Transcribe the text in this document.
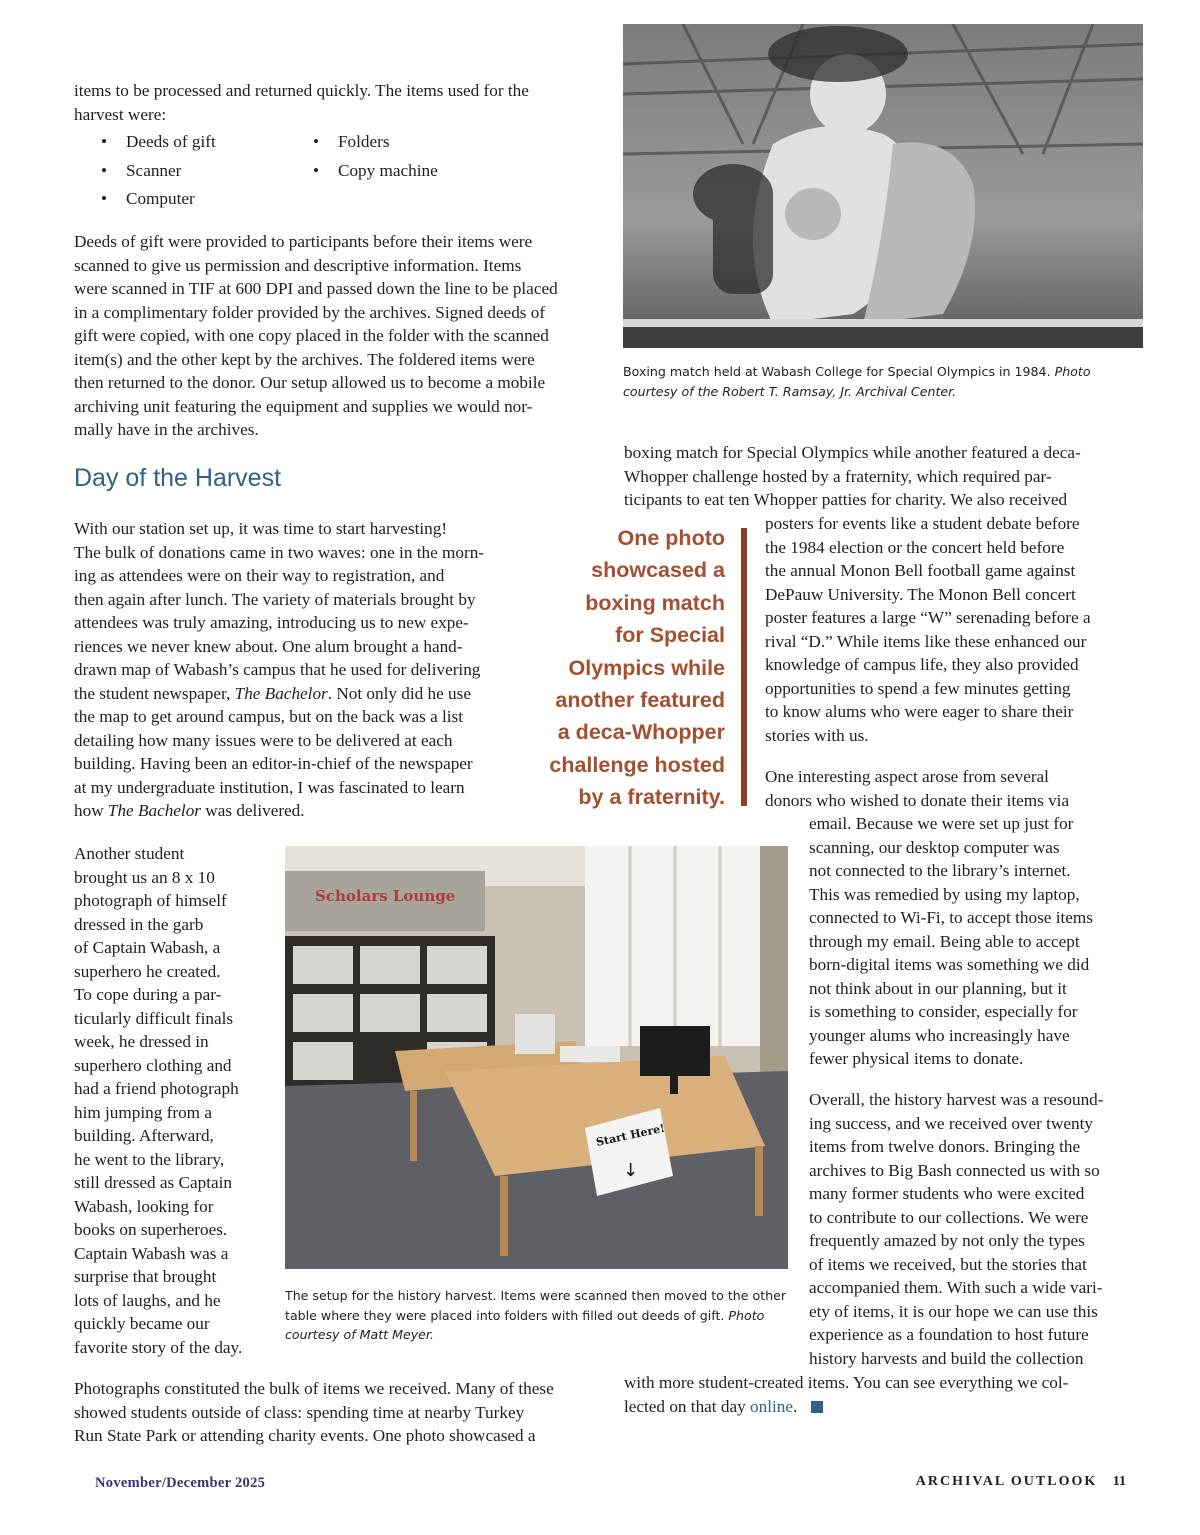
items to be processed and returned quickly. The items used for the
harvest were:
• Deeds of gift
• Scanner
• Computer
• Folders
• Copy machine
Deeds of gift were provided to participants before their items were
scanned to give us permission and descriptive information. Items
were scanned in TIF at 600 DPI and passed down the line to be placed
in a complimentary folder provided by the archives. Signed deeds of
gift were copied, with one copy placed in the folder with the scanned
item(s) and the other kept by the archives. The foldered items were
then returned to the donor. Our setup allowed us to become a mobile
archiving unit featuring the equipment and supplies we would nor-
mally have in the archives.
Day of the Harvest
With our station set up, it was time to start harvesting!
The bulk of donations came in two waves: one in the morn-
ing as attendees were on their way to registration, and
then again after lunch. The variety of materials brought by
attendees was truly amazing, introducing us to new expe-
riences we never knew about. One alum brought a hand-
drawn map of Wabash’s campus that he used for delivering
the student newspaper, The Bachelor. Not only did he use
the map to get around campus, but on the back was a list
detailing how many issues were to be delivered at each
building. Having been an editor-in-chief of the newspaper
at my undergraduate institution, I was fascinated to learn
how The Bachelor was delivered.
Another student
brought us an 8 x 10
photograph of himself
dressed in the garb
of Captain Wabash, a
superhero he created.
To cope during a par-
ticularly difficult finals
week, he dressed in
superhero clothing and
had a friend photograph
him jumping from a
building. Afterward,
he went to the library,
still dressed as Captain
Wabash, looking for
books on superheroes.
Captain Wabash was a
surprise that brought
lots of laughs, and he
quickly became our
favorite story of the day.
Photographs constituted the bulk of items we received. Many of these
showed students outside of class: spending time at nearby Turkey
Run State Park or attending charity events. One photo showcased a
Boxing match held at Wabash College for Special Olympics in 1984. Photo courtesy of the Robert T. Ramsay, Jr. Archival Center.
boxing match for Special Olympics while another featured a deca-
Whopper challenge hosted by a fraternity, which required par-
ticipants to eat ten Whopper patties for charity. We also received
One photo
showcased a
boxing match
for Special
Olympics while
another featured
a deca-Whopper
challenge hosted
by a fraternity.
posters for events like a student debate before
the 1984 election or the concert held before
the annual Monon Bell football game against
DePauw University. The Monon Bell concert
poster features a large “W” serenading before a
rival “D.” While items like these enhanced our
knowledge of campus life, they also provided
opportunities to spend a few minutes getting
to know alums who were eager to share their
stories with us.
One interesting aspect arose from several
donors who wished to donate their items via
email. Because we were set up just for
scanning, our desktop computer was
not connected to the library’s internet.
This was remedied by using my laptop,
connected to Wi-Fi, to accept those items
through my email. Being able to accept
born-digital items was something we did
not think about in our planning, but it
is something to consider, especially for
younger alums who increasingly have
fewer physical items to donate.
Overall, the history harvest was a resound-
ing success, and we received over twenty
items from twelve donors. Bringing the
archives to Big Bash connected us with so
many former students who were excited
to contribute to our collections. We were
frequently amazed by not only the types
of items we received, but the stories that
accompanied them. With such a wide vari-
ety of items, it is our hope we can use this
experience as a foundation to host future
history harvests and build the collection
with more student-created items. You can see everything we col-
lected on that day online.
Scholars Lounge
Start Here!
↓
The setup for the history harvest. Items were scanned then moved to the other table where they were placed into folders with filled out deeds of gift. Photo courtesy of Matt Meyer.
November/December 2025	ARCHIVAL OUTLOOK 11
